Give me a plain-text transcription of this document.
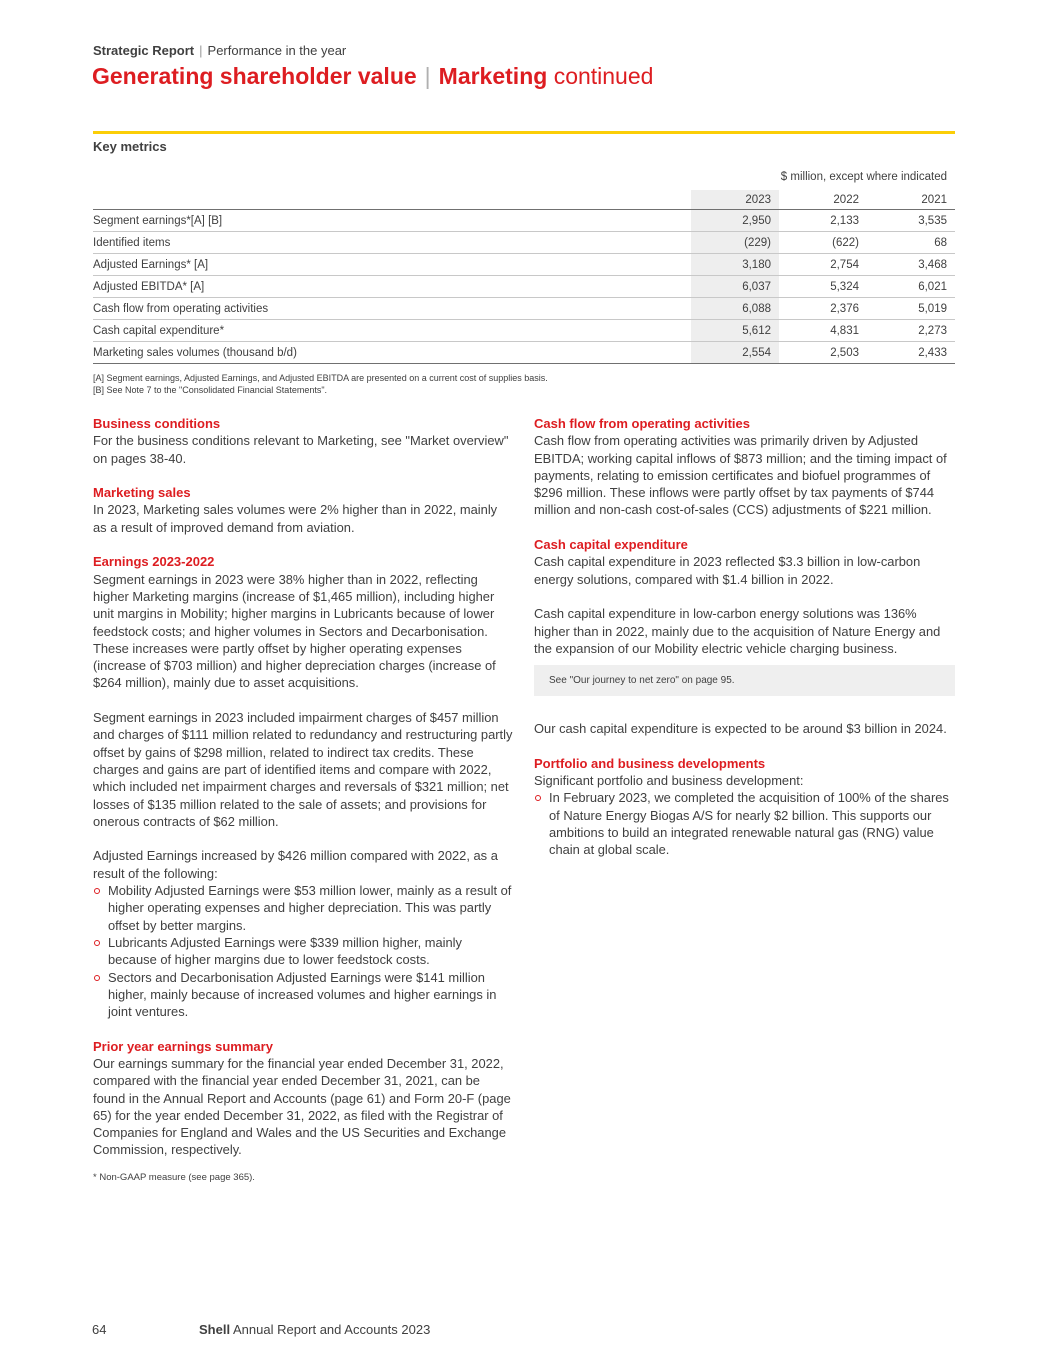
Strategic Report | Performance in the year
Generating shareholder value | Marketing continued
Key metrics
$ million, except where indicated
	2023	2022	2021
Segment earnings*[A] [B]	2,950	2,133	3,535
Identified items	(229)	(622)	68
Adjusted Earnings* [A]	3,180	2,754	3,468
Adjusted EBITDA* [A]	6,037	5,324	6,021
Cash flow from operating activities	6,088	2,376	5,019
Cash capital expenditure*	5,612	4,831	2,273
Marketing sales volumes (thousand b/d)	2,554	2,503	2,433
[A] Segment earnings, Adjusted Earnings, and Adjusted EBITDA are presented on a current cost of supplies basis.
[B] See Note 7 to the "Consolidated Financial Statements".
Business conditions

For the business conditions relevant to Marketing, see "Market overview" on pages 38-40.

Marketing sales

In 2023, Marketing sales volumes were 2% higher than in 2022, mainly as a result of improved demand from aviation.

Earnings 2023-2022

Segment earnings in 2023 were 38% higher than in 2022, reflecting higher Marketing margins (increase of $1,465 million), including higher unit margins in Mobility; higher margins in Lubricants because of lower feedstock costs; and higher volumes in Sectors and Decarbonisation. These increases were partly offset by higher operating expenses (increase of $703 million) and higher depreciation charges (increase of $264 million), mainly due to asset acquisitions.

Segment earnings in 2023 included impairment charges of $457 million and charges of $111 million related to redundancy and restructuring partly offset by gains of $298 million, related to indirect tax credits. These charges and gains are part of identified items and compare with 2022, which included net impairment charges and reversals of $321 million; net losses of $135 million related to the sale of assets; and provisions for onerous contracts of $62 million.

Adjusted Earnings increased by $426 million compared with 2022, as a result of the following:

Mobility Adjusted Earnings were $53 million lower, mainly as a result of higher operating expenses and higher depreciation. This was partly offset by better margins.
Lubricants Adjusted Earnings were $339 million higher, mainly because of higher margins due to lower feedstock costs.
Sectors and Decarbonisation Adjusted Earnings were $141 million higher, mainly because of increased volumes and higher earnings in joint ventures.
Prior year earnings summary

Our earnings summary for the financial year ended December 31, 2022, compared with the financial year ended December 31, 2021, can be found in the Annual Report and Accounts (page 61) and Form 20-F (page 65) for the year ended December 31, 2022, as filed with the Registrar of Companies for England and Wales and the US Securities and Exchange Commission, respectively.

* Non-GAAP measure (see page 365).
Cash flow from operating activities

Cash flow from operating activities was primarily driven by Adjusted EBITDA; working capital inflows of $873 million; and the timing impact of payments, relating to emission certificates and biofuel programmes of $296 million. These inflows were partly offset by tax payments of $744 million and non-cash cost-of-sales (CCS) adjustments of $221 million.

Cash capital expenditure

Cash capital expenditure in 2023 reflected $3.3 billion in low-carbon energy solutions, compared with $1.4 billion in 2022.

Cash capital expenditure in low-carbon energy solutions was 136% higher than in 2022, mainly due to the acquisition of Nature Energy and the expansion of our Mobility electric vehicle charging business.

See "Our journey to net zero" on page 95.

Our cash capital expenditure is expected to be around $3 billion in 2024.

Portfolio and business developments

Significant portfolio and business development:

In February 2023, we completed the acquisition of 100% of the shares of Nature Energy Biogas A/S for nearly $2 billion. This supports our ambitions to build an integrated renewable natural gas (RNG) value chain at global scale.
64	Shell Annual Report and Accounts 2023
